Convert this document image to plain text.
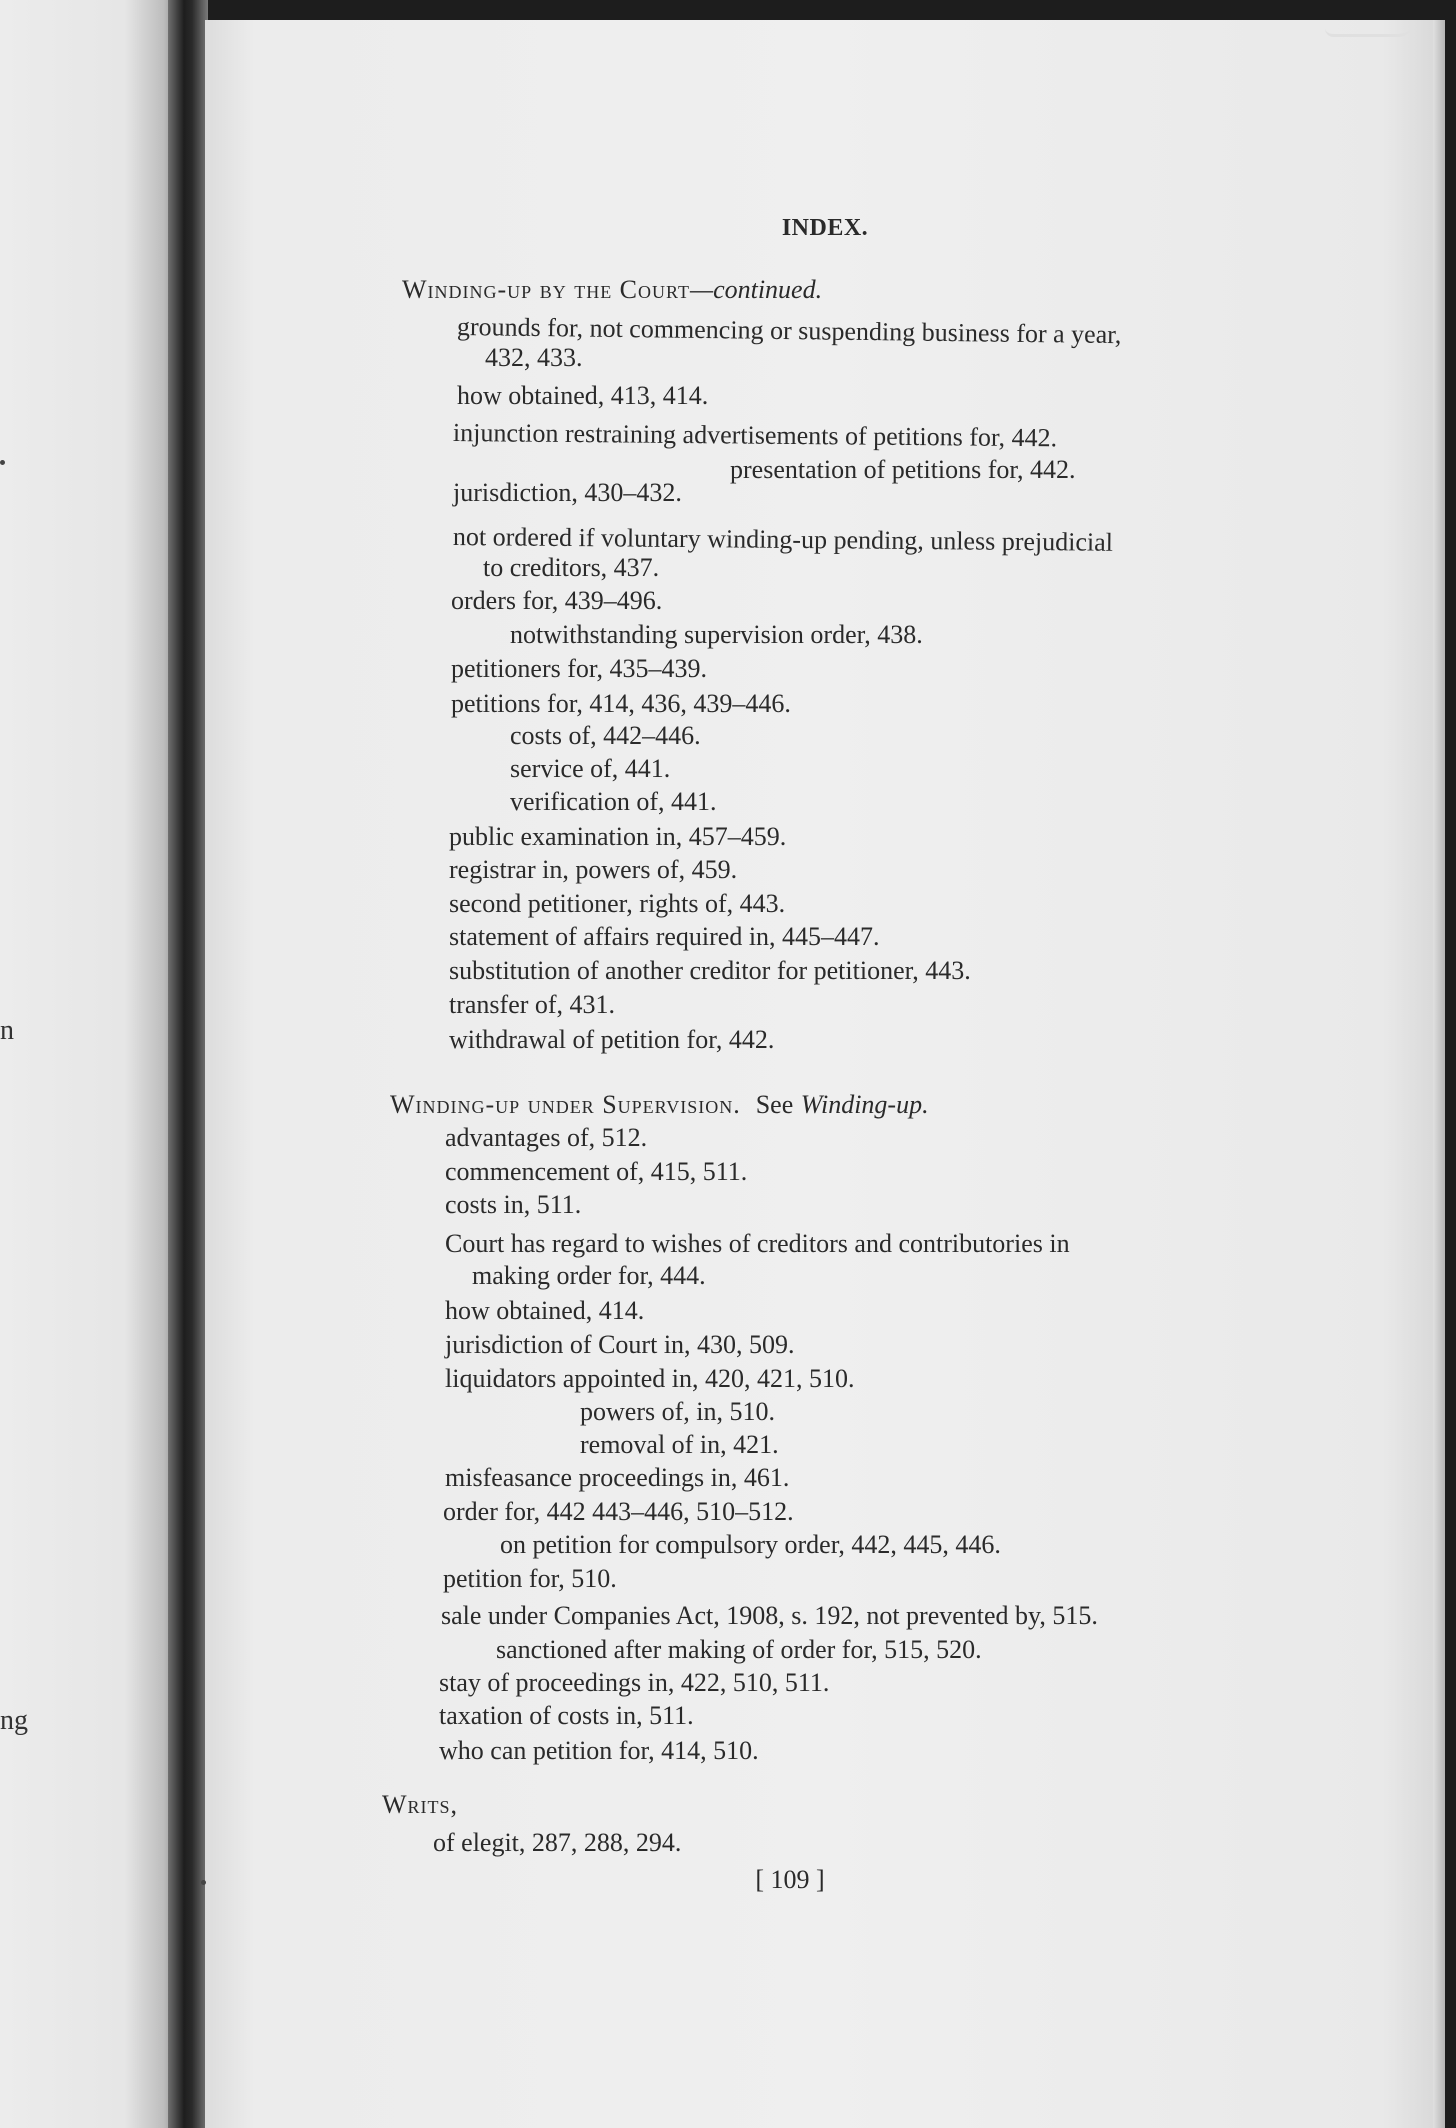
n
ng
INDEX.
Winding-up by the Court—continued.
grounds for, not commencing or suspending business for a year,
432, 433.
how obtained, 413, 414.
injunction restraining advertisements of petitions for, 442.
presentation of petitions for, 442.
jurisdiction, 430–432.
not ordered if voluntary winding-up pending, unless prejudicial
to creditors, 437.
orders for, 439–496.
notwithstanding supervision order, 438.
petitioners for, 435–439.
petitions for, 414, 436, 439–446.
costs of, 442–446.
service of, 441.
verification of, 441.
public examination in, 457–459.
registrar in, powers of, 459.
second petitioner, rights of, 443.
statement of affairs required in, 445–447.
substitution of another creditor for petitioner, 443.
transfer of, 431.
withdrawal of petition for, 442.
Winding-up under Supervision. See Winding-up.
advantages of, 512.
commencement of, 415, 511.
costs in, 511.
Court has regard to wishes of creditors and contributories in
making order for, 444.
how obtained, 414.
jurisdiction of Court in, 430, 509.
liquidators appointed in, 420, 421, 510.
powers of, in, 510.
removal of in, 421.
misfeasance proceedings in, 461.
order for, 442 443–446, 510–512.
on petition for compulsory order, 442, 445, 446.
petition for, 510.
sale under Companies Act, 1908, s. 192, not prevented by, 515.
sanctioned after making of order for, 515, 520.
stay of proceedings in, 422, 510, 511.
taxation of costs in, 511.
who can petition for, 414, 510.
Writs,
of elegit, 287, 288, 294.
[ 109 ]
